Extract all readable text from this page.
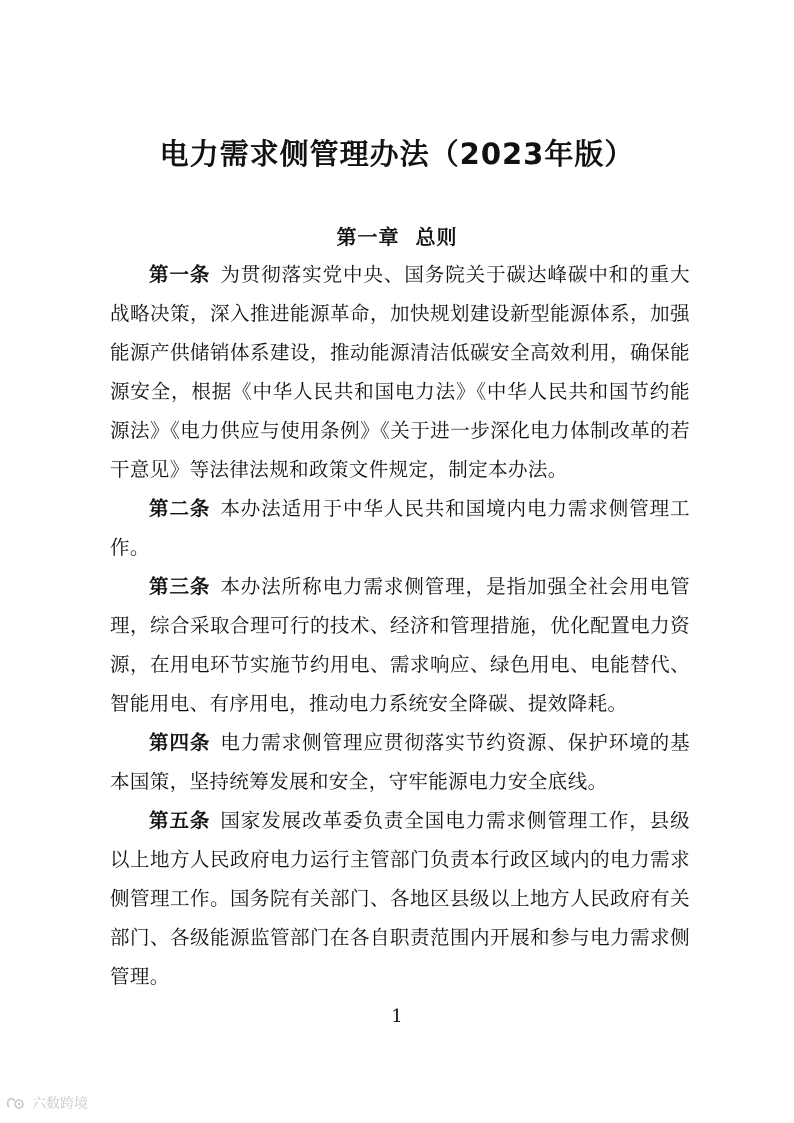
电力需求侧管理办法（2023年版）
第一章 总则

第一条 为贯彻落实党中央、国务院关于碳达峰碳中和的重大战略决策，深入推进能源革命，加快规划建设新型能源体系，加强能源产供储销体系建设，推动能源清洁低碳安全高效利用，确保能源安全，根据《中华人民共和国电力法》《中华人民共和国节约能源法》《电力供应与使用条例》《关于进一步深化电力体制改革的若干意见》等法律法规和政策文件规定，制定本办法。

第二条 本办法适用于中华人民共和国境内电力需求侧管理工作。

第三条 本办法所称电力需求侧管理，是指加强全社会用电管理，综合采取合理可行的技术、经济和管理措施，优化配置电力资源，在用电环节实施节约用电、需求响应、绿色用电、电能替代、智能用电、有序用电，推动电力系统安全降碳、提效降耗。

第四条 电力需求侧管理应贯彻落实节约资源、保护环境的基本国策，坚持统筹发展和安全，守牢能源电力安全底线。

第五条 国家发展改革委负责全国电力需求侧管理工作，县级以上地方人民政府电力运行主管部门负责本行政区域内的电力需求侧管理工作。国务院有关部门、各地区县级以上地方人民政府有关部门、各级能源监管部门在各自职责范围内开展和参与电力需求侧管理。

1
六数跨境
